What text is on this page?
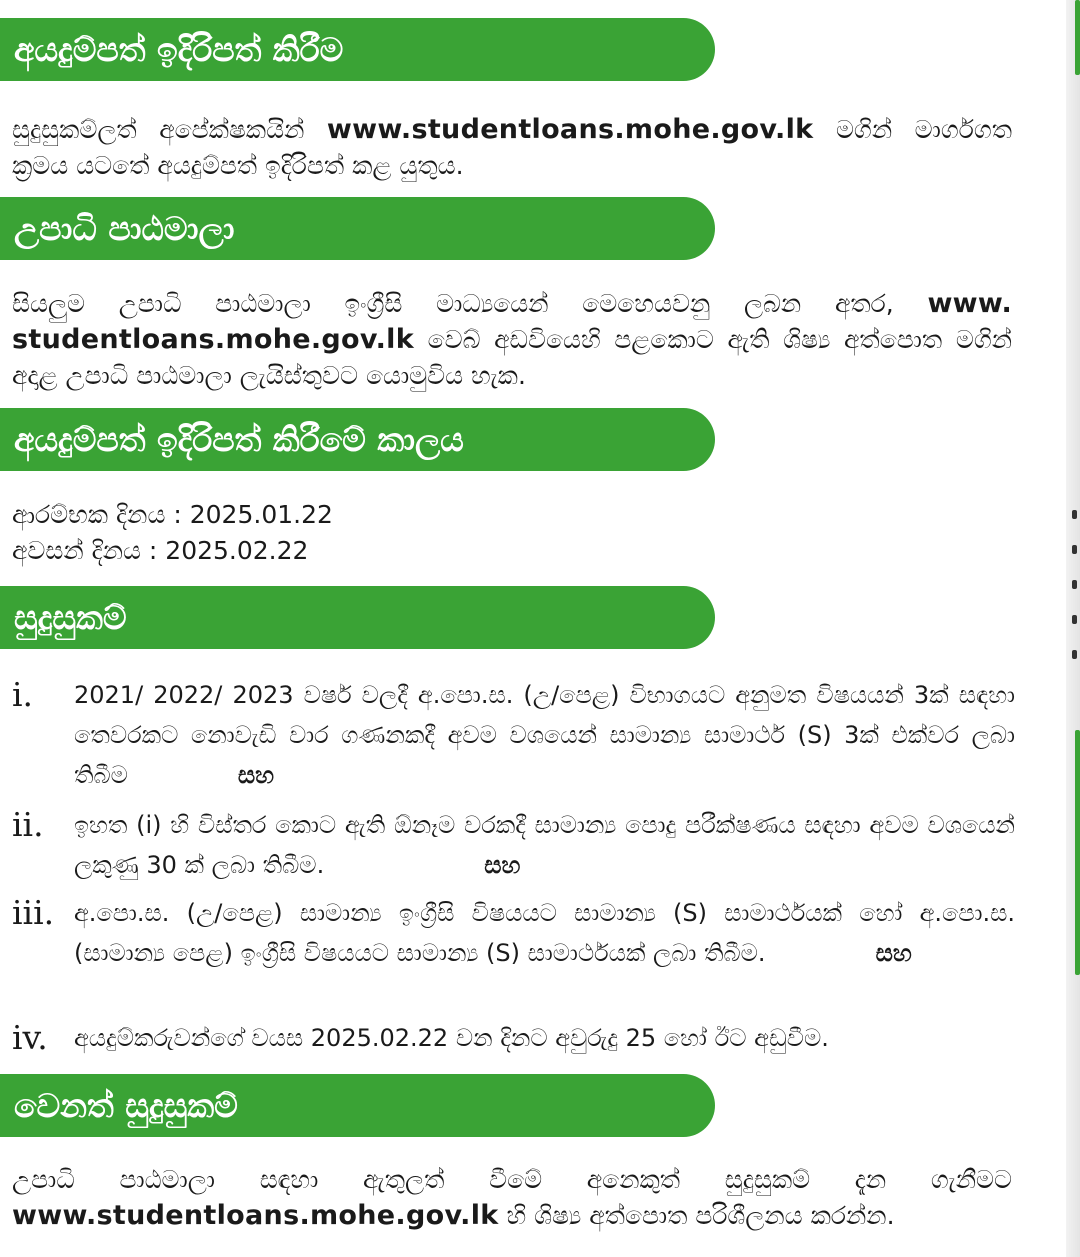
අයදුම්පත් ඉදිරිපත් කිරීම
සුදුසුකම්ලත් අපේක්ෂකයින් www.studentloans.mohe.gov.lk මගින් මාර්ගගත ක්‍රමය යටතේ අයදුම්පත් ඉදිරිපත් කළ යුතුය.
උපාධි පාඨමාලා
සියලුම උපාධි පාඨමාලා ඉංග්‍රීසි මාධ්‍යයෙන් මෙහෙයවනු ලබන අතර, www. studentloans.mohe.gov.lk වෙබ් අඩවියෙහි පළකොට ඇති ශිෂ්‍ය අත්පොත මගින් අදාළ උපාධි පාඨමාලා ලැයිස්තුවට යොමුවිය හැක.
අයදුම්පත් ඉදිරිපත් කිරීමේ කාලය
ආරම්භක දිනය : 2025.01.22
අවසන් දිනය : 2025.02.22
සුදුසුකම්
i. 2021/ 2022/ 2023 වර්ෂ වලදී අ.පො.ස. (උ/පෙළ) විභාගයට අනුමත විෂයයන් 3ක් සඳහා තෙවරකට නොවැඩි වාර ගණනකදී අවම වශයෙන් සාමාන්‍ය සාමාර්ථ (S) 3ක් එක්වර ලබා තිබීම	සහ
ii. ඉහත (i) හි විස්තර කොට ඇති ඕනෑම වරකදී සාමාන්‍ය පොදු පරීක්ෂණය සඳහා අවම වශයෙන් ලකුණු 30 ක් ලබා තිබීම.	සහ
iii. අ.පො.ස. (උ/පෙළ) සාමාන්‍ය ඉංග්‍රීසි විෂයයට සාමාන්‍ය (S) සාමාර්ථයක් හෝ අ.පො.ස. (සාමාන්‍ය පෙළ) ඉංග්‍රීසි විෂයයට සාමාන්‍ය (S) සාමාර්ථයක් ලබා තිබීම.	සහ
iv. අයදුම්කරුවන්ගේ වයස 2025.02.22 වන දිනට අවුරුදු 25 හෝ ඊට අඩුවීම.
වෙනත් සුදුසුකම්
උපාධි පාඨමාලා සඳහා ඇතුලත් වීමේ අනෙකුත් සුදුසුකම් දැන ගැනීමට www.studentloans.mohe.gov.lk හි ශිෂ්‍ය අත්පොත පරිශීලනය කරන්න.
